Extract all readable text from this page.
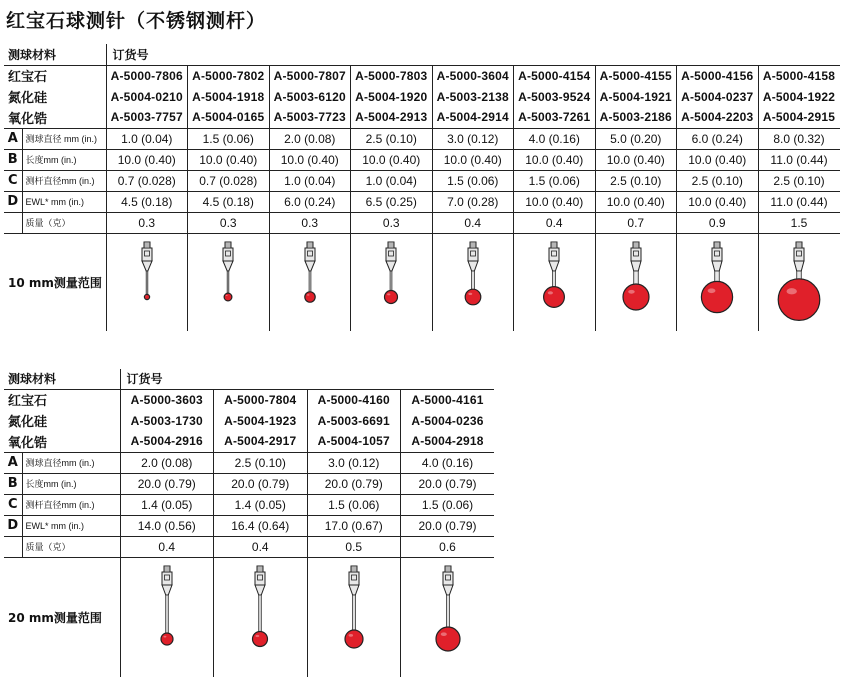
红宝石球测针（不锈钢测杆）
测球材料		订货号								
红宝石		A-5000-7806	A-5000-7802	A-5000-7807	A-5000-7803	A-5000-3604	A-5000-4154	A-5000-4155	A-5000-4156	A-5000-4158
氮化硅		A-5004-0210	A-5004-1918	A-5003-6120	A-5004-1920	A-5003-2138	A-5003-9524	A-5004-1921	A-5004-0237	A-5004-1922
氧化锆		A-5003-7757	A-5004-0165	A-5003-7723	A-5004-2913	A-5004-2914	A-5003-7261	A-5003-2186	A-5004-2203	A-5004-2915
A	测球直径 mm (in.)	1.0 (0.04)	1.5 (0.06)	2.0 (0.08)	2.5 (0.10)	3.0 (0.12)	4.0 (0.16)	5.0 (0.20)	6.0 (0.24)	8.0 (0.32)
B	长度mm (in.)	10.0 (0.40)	10.0 (0.40)	10.0 (0.40)	10.0 (0.40)	10.0 (0.40)	10.0 (0.40)	10.0 (0.40)	10.0 (0.40)	11.0 (0.44)
C	测杆直径mm (in.)	0.7 (0.028)	0.7 (0.028)	1.0 (0.04)	1.0 (0.04)	1.5 (0.06)	1.5 (0.06)	2.5 (0.10)	2.5 (0.10)	2.5 (0.10)
D	EWL* mm (in.)	4.5 (0.18)	4.5 (0.18)	6.0 (0.24)	6.5 (0.25)	7.0 (0.28)	10.0 (0.40)	10.0 (0.40)	10.0 (0.40)	11.0 (0.44)
	质量（克）	0.3	0.3	0.3	0.3	0.4	0.4	0.7	0.9	1.5
10 mm测量范围	

测球材料		订货号			
红宝石		A-5000-3603	A-5000-7804	A-5000-4160	A-5000-4161
氮化硅		A-5003-1730	A-5004-1923	A-5003-6691	A-5004-0236
氧化锆		A-5004-2916	A-5004-2917	A-5004-1057	A-5004-2918
A	测球直径mm (in.)	2.0 (0.08)	2.5 (0.10)	3.0 (0.12)	4.0 (0.16)
B	长度mm (in.)	20.0 (0.79)	20.0 (0.79)	20.0 (0.79)	20.0 (0.79)
C	测杆直径mm (in.)	1.4 (0.05)	1.4 (0.05)	1.5 (0.06)	1.5 (0.06)
D	EWL* mm (in.)	14.0 (0.56)	16.4 (0.64)	17.0 (0.67)	20.0 (0.79)
	质量（克）	0.4	0.4	0.5	0.6
20 mm测量范围	
